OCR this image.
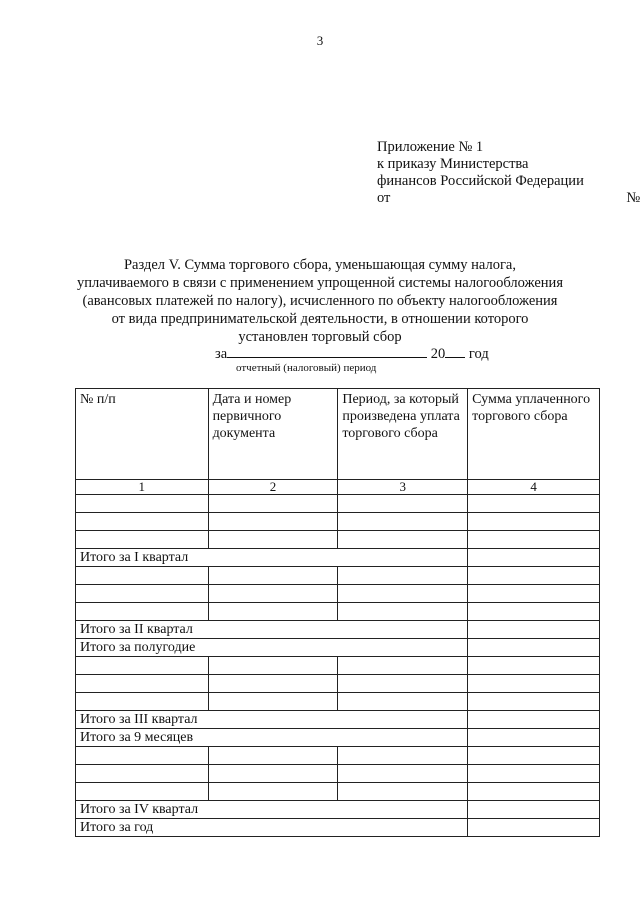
3
Приложение № 1
к приказу Министерства
финансов Российской Федерации
от	№
Раздел V. Сумма торгового сбора, уменьшающая сумму налога,
уплачиваемого в связи с применением упрощенной системы налогообложения
(авансовых платежей по налогу), исчисленного по объекту налогообложения
от вида предпринимательской деятельности, в отношении которого
установлен торговый сбор
за	20 год
отчетный (налоговый) период
№ п/п	Дата и номер первичного документа	Период, за который произведена уплата торгового сбора	Сумма уплаченного торгового сбора
1	2	3	4

Итого за I квартал			

Итого за II квартал			
Итого за полугодие			

Итого за III квартал			
Итого за 9 месяцев			

Итого за IV квартал			
Итого за год			
